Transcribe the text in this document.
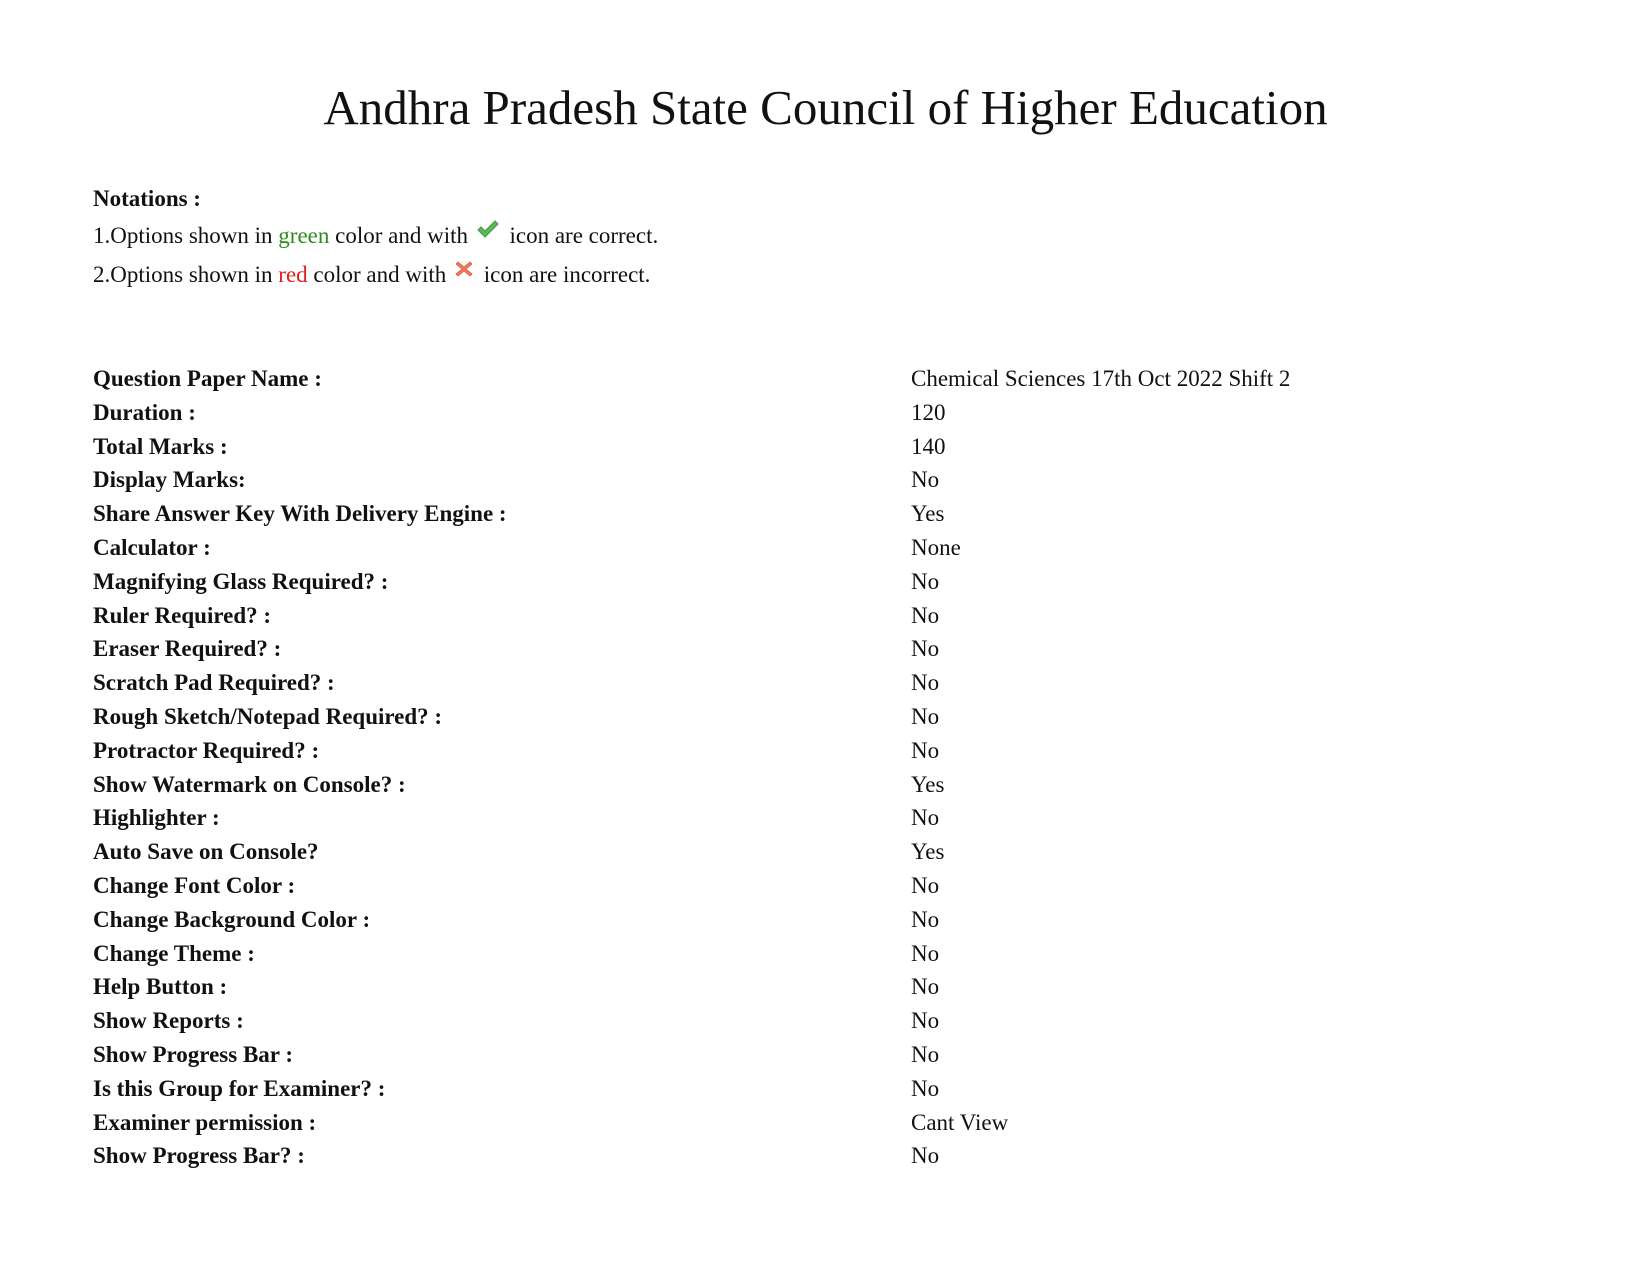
Andhra Pradesh State Council of Higher Education
Notations :
1.Options shown in green color and with  icon are correct.
2.Options shown in red color and with  icon are incorrect.
Question Paper Name :	Chemical Sciences 17th Oct 2022 Shift 2
Duration :	120
Total Marks :	140
Display Marks:	No
Share Answer Key With Delivery Engine :	Yes
Calculator :	None
Magnifying Glass Required? :	No
Ruler Required? :	No
Eraser Required? :	No
Scratch Pad Required? :	No
Rough Sketch/Notepad Required? :	No
Protractor Required? :	No
Show Watermark on Console? :	Yes
Highlighter :	No
Auto Save on Console?	Yes
Change Font Color :	No
Change Background Color :	No
Change Theme :	No
Help Button :	No
Show Reports :	No
Show Progress Bar :	No
Is this Group for Examiner? :	No
Examiner permission :	Cant View
Show Progress Bar? :	No
